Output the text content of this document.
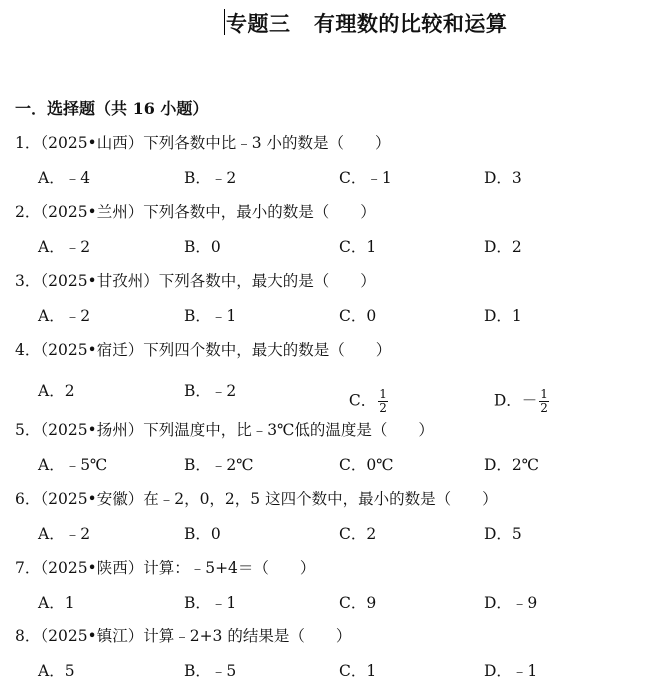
专题三   有理数的比较和运算
一．选择题（共 16 小题）
1．（2025•山西）下列各数中比﹣3 小的数是（　　）
A．﹣4	B．﹣2	C．﹣1	D．3
2．（2025•兰州）下列各数中，最小的数是（　　）
A．﹣2	B．0	C．1	D．2
3．（2025•甘孜州）下列各数中，最大的是（　　）
A．﹣2	B．﹣1	C．0	D．1
4．（2025•宿迁）下列四个数中，最大的数是（　　）
A．2	B．﹣2

C． $\frac{1}{2}$	D．－ $\frac{1}{2}$

5．（2025•扬州）下列温度中，比﹣3℃低的温度是（　　）
A．﹣5℃	B．﹣2℃	C．0℃	D．2℃
6．（2025•安徽）在﹣2，0，2，5 这四个数中，最小的数是（　　）
A．﹣2	B．0	C．2	D．5
7．（2025•陕西）计算：﹣5+4＝（　　）
A．1	B．﹣1	C．9	D．﹣9
8．（2025•镇江）计算﹣2+3 的结果是（　　）
A．5	B．﹣5	C．1	D．﹣1
